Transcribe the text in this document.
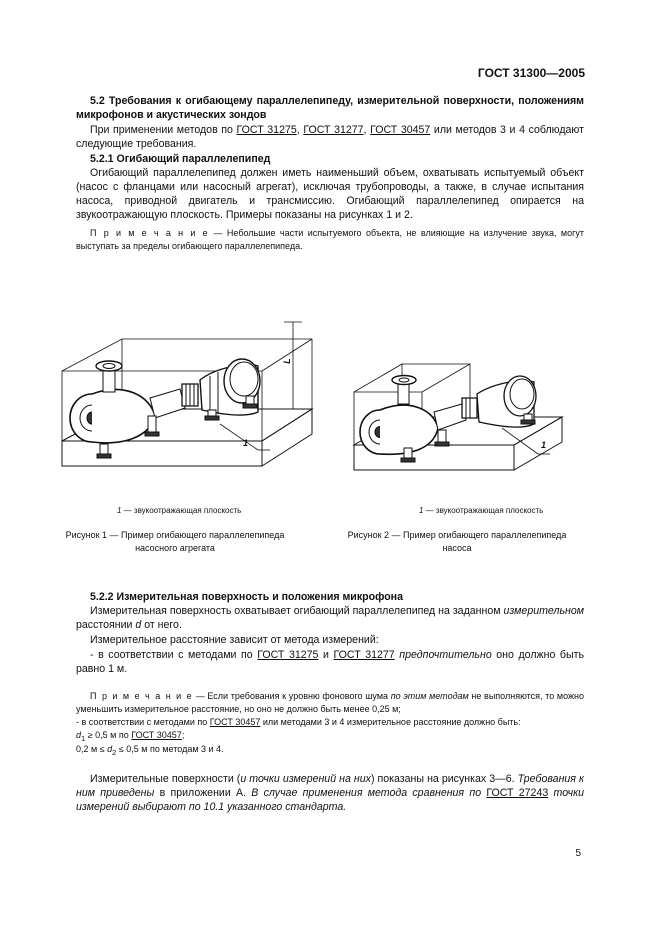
ГОСТ 31300—2005
5.2 Требования к огибающему параллелепипеду, измерительной поверхности, положениям микрофонов и акустических зондов
При применении методов по ГОСТ 31275, ГОСТ 31277, ГОСТ 30457 или методов 3 и 4 соблюдают следующие требования.
5.2.1 Огибающий параллелепипед
Огибающий параллелепипед должен иметь наименьший объем, охватывать испытуемый объект (насос с фланцами или насосный агрегат), исключая трубопроводы, а также, в случае испытания насоса, приводной двигатель и трансмиссию. Огибающий параллелепипед опирается на звукоотражающую плоскость. Примеры показаны на рисунках 1 и 2.
П р и м е ч а н и е — Небольшие части испытуемого объекта, не влияющие на излучение звука, могут выступать за пределы огибающего параллелепипеда.
1
L
1
1 — звукоотражающая плоскость	1 — звукоотражающая плоскость
Рисунок 1 — Пример огибающего параллелепипеда
насосного агрегата
Рисунок 2 — Пример огибающего параллелепипеда
насоса
5.2.2 Измерительная поверхность и положения микрофона
Измерительная поверхность охватывает огибающий параллелепипед на заданном измерительном расстоянии d от него.
Измерительное расстояние зависит от метода измерений:
- в соответствии с методами по ГОСТ 31275 и ГОСТ 31277 предпочтительно оно должно быть равно 1 м.
П р и м е ч а н и е — Если требования к уровню фонового шума по этим методам не выполняются, то можно уменьшить измерительное расстояние, но оно не должно быть менее 0,25 м;
- в соответствии с методами по ГОСТ 30457 или методами 3 и 4 измерительное расстояние должно быть:
$d_1 \ge 0,5$ м по ГОСТ 30457;
0,2 $м \le d_2 \le 0,5$ м по методам 3 и 4.
Измерительные поверхности (и точки измерений на них) показаны на рисунках 3—6. Требования к ним приведены в приложении А. В случае применения метода сравнения по ГОСТ 27243 точки измерений выбирают по 10.1 указанного стандарта.
5
